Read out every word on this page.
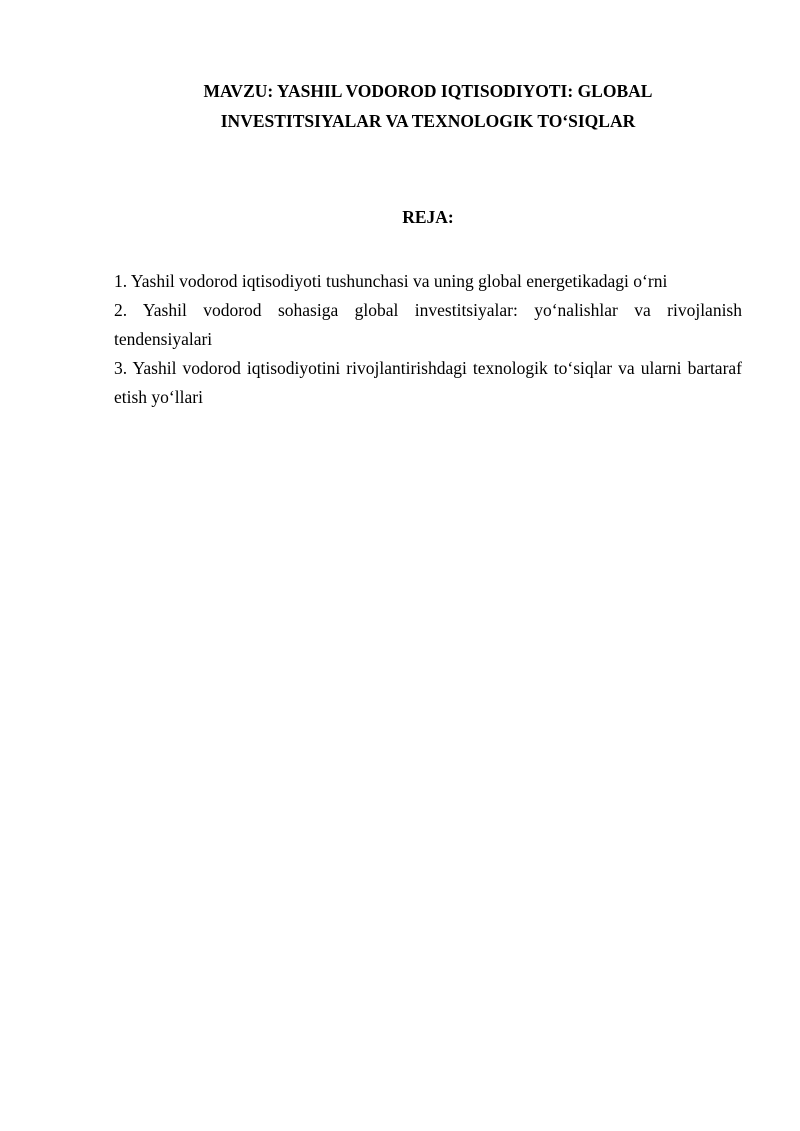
MAVZU: YASHIL VODOROD IQTISODIYOTI: GLOBAL
INVESTITSIYALAR VA TEXNOLOGIK TO‘SIQLAR
REJA:
1. Yashil vodorod iqtisodiyoti tushunchasi va uning global energetikadagi o‘rni
2. Yashil vodorod sohasiga global investitsiyalar: yo‘nalishlar va rivojlanish tendensiyalari
3. Yashil vodorod iqtisodiyotini rivojlantirishdagi texnologik to‘siqlar va ularni bartaraf etish yo‘llari
